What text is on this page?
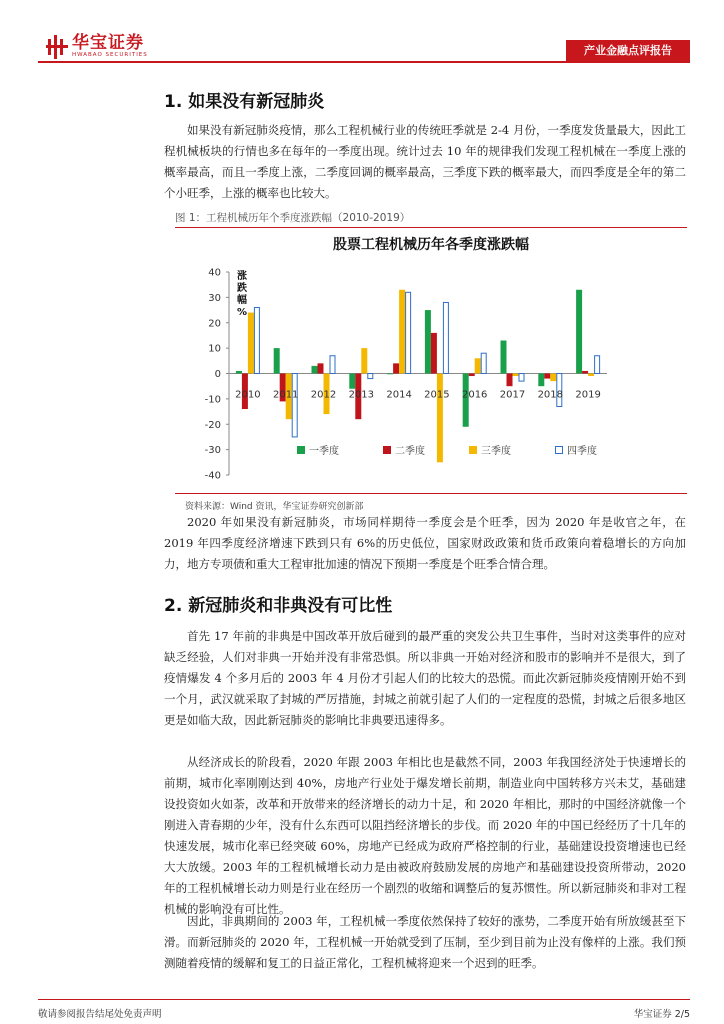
华宝证券
HWABAO SECURITIES	产业金融点评报告
1. 如果没有新冠肺炎

如果没有新冠肺炎疫情，那么工程机械行业的传统旺季就是 2-4 月份，一季度发货量最大，因此工程机械板块的行情也多在每年的一季度出现。统计过去 10 年的规律我们发现工程机械在一季度上涨的概率最高，而且一季度上涨，二季度回调的概率最高，三季度下跌的概率最大，而四季度是全年的第二个小旺季，上涨的概率也比较大。

图 1：工程机械历年个季度涨跌幅（2010-2019）
股票工程机械历年各季度涨跌幅
-40
-30
-20
-10
0
10
20
30
40 涨
跌
幅
%
2010 2011 2012 2013 2014 2015 2016 2017 2018 2019
一季度	二季度	三季度	四季度
资料来源：Wind 资讯，华宝证券研究创新部

2020 年如果没有新冠肺炎，市场同样期待一季度会是个旺季，因为 2020 年是收官之年，在 2019 年四季度经济增速下跌到只有 6%的历史低位，国家财政政策和货币政策向着稳增长的方向加力，地方专项债和重大工程审批加速的情况下预期一季度是个旺季合情合理。

2. 新冠肺炎和非典没有可比性

首先 17 年前的非典是中国改革开放后碰到的最严重的突发公共卫生事件，当时对这类事件的应对缺乏经验，人们对非典一开始并没有非常恐惧。所以非典一开始对经济和股市的影响并不是很大，到了疫情爆发 4 个多月后的 2003 年 4 月份才引起人们的比较大的恐慌。而此次新冠肺炎疫情刚开始不到一个月，武汉就采取了封城的严厉措施，封城之前就引起了人们的一定程度的恐慌，封城之后很多地区更是如临大敌，因此新冠肺炎的影响比非典要迅速得多。

从经济成长的阶段看，2020 年跟 2003 年相比也是截然不同，2003 年我国经济处于快速增长的前期，城市化率刚刚达到 40%，房地产行业处于爆发增长前期，制造业向中国转移方兴未艾，基础建设投资如火如荼，改革和开放带来的经济增长的动力十足，和 2020 年相比，那时的中国经济就像一个刚进入青春期的少年，没有什么东西可以阻挡经济增长的步伐。而 2020 年的中国已经经历了十几年的快速发展，城市化率已经突破 60%，房地产已经成为政府严格控制的行业，基础建设投资增速也已经大大放缓。2003 年的工程机械增长动力是由被政府鼓励发展的房地产和基础建设投资所带动，2020 年的工程机械增长动力则是行业在经历一个剧烈的收缩和调整后的复苏惯性。所以新冠肺炎和非对工程机械的影响没有可比性。

因此，非典期间的 2003 年，工程机械一季度依然保持了较好的涨势，二季度开始有所放缓甚至下滑。而新冠肺炎的 2020 年，工程机械一开始就受到了压制，至少到目前为止没有像样的上涨。我们预测随着疫情的缓解和复工的日益正常化，工程机械将迎来一个迟到的旺季。

敬请参阅报告结尾处免责声明	华宝证券 2/5
